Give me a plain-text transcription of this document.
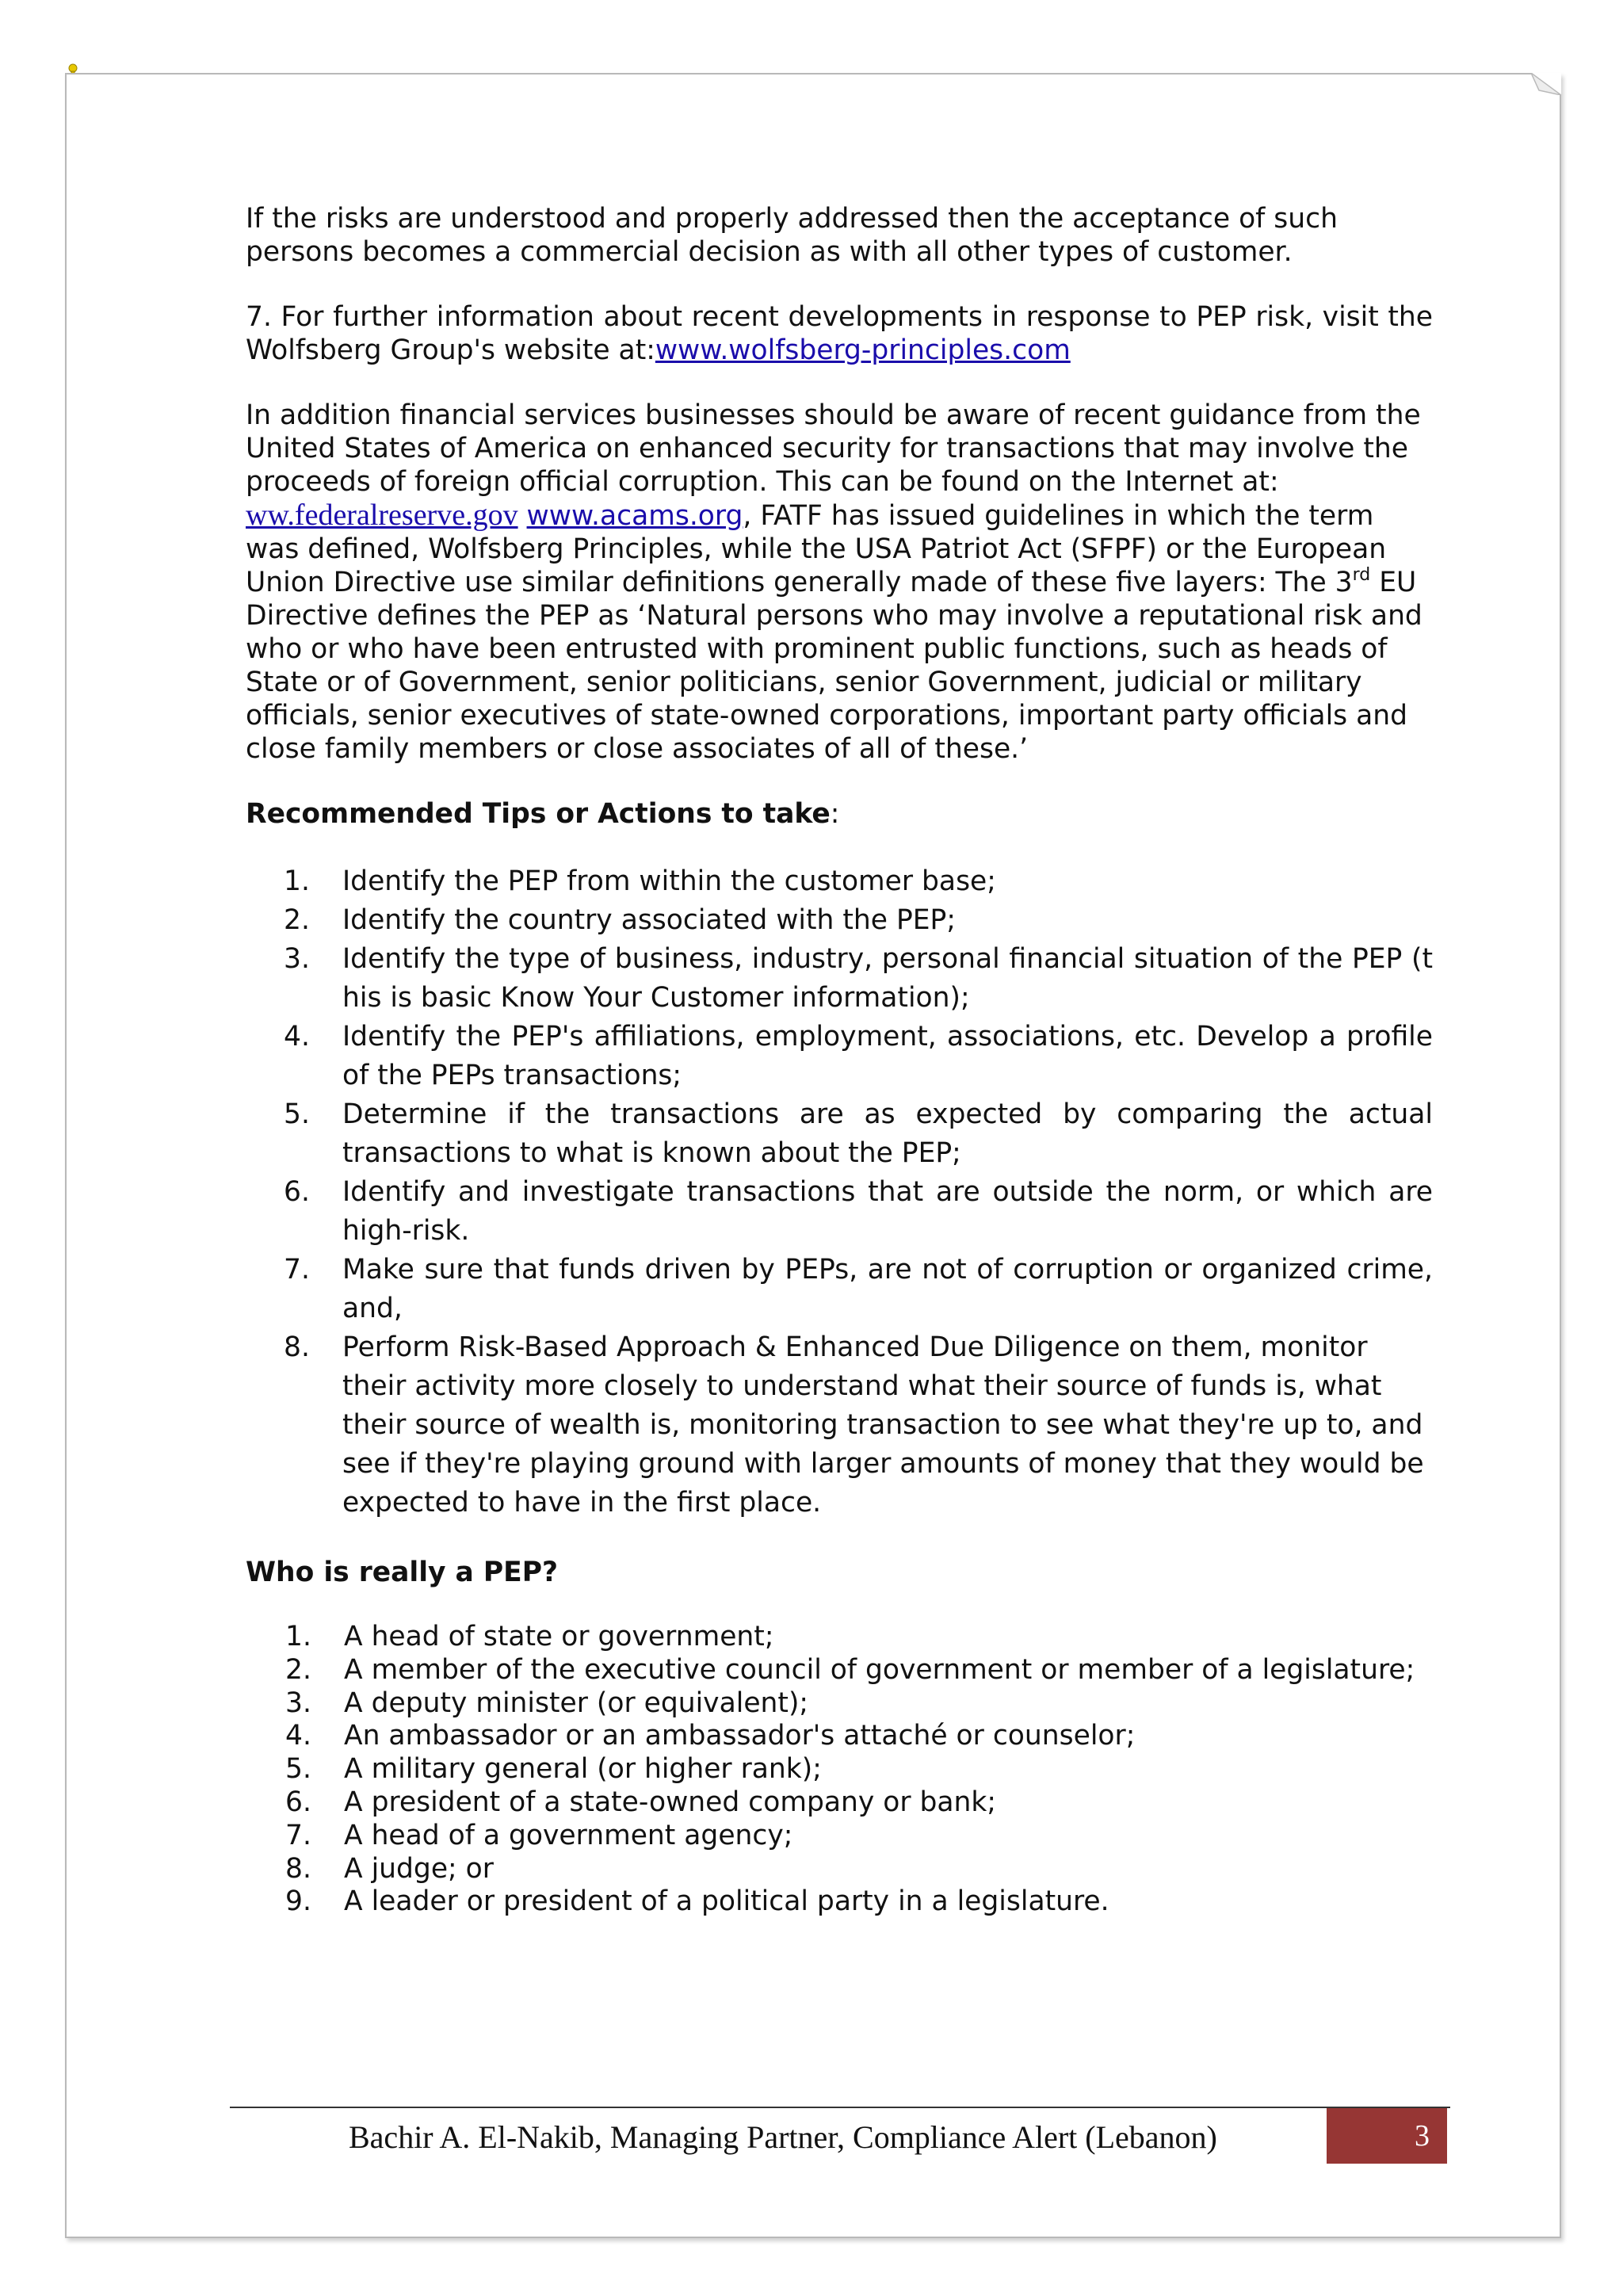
If the risks are understood and properly addressed then the acceptance of such persons becomes a commercial decision as with all other types of customer.

7. For further information about recent developments in response to PEP risk, visit the Wolfsberg Group's website at:www.wolfsberg-principles.com

In addition financial services businesses should be aware of recent guidance from the United States of America on enhanced security for transactions that may involve the proceeds of foreign official corruption. This can be found on the Internet at: ww.federalreserve.gov www.acams.org, FATF has issued guidelines in which the term was defined, Wolfsberg Principles, while the USA Patriot Act (SFPF) or the European Union Directive use similar definitions generally made of these five layers: The 3rd EU Directive defines the PEP as ‘Natural persons who may involve a reputational risk and who or who have been entrusted with prominent public functions, such as heads of State or of Government, senior politicians, senior Government, judicial or military officials, senior executives of state-owned corporations, important party officials and close family members or close associates of all of these.’

Recommended Tips or Actions to take:

1. Identify the PEP from within the customer base;
2. Identify the country associated with the PEP;
3. Identify the type of business, industry, personal financial situation of the PEP (t his is basic Know Your Customer information);
4. Identify the PEP's affiliations, employment, associations, etc. Develop a profile of the PEPs transactions;
5. Determine if the transactions are as expected by comparing the actual transactions to what is known about the PEP;
6. Identify and investigate transactions that are outside the norm, or which are high-risk.
7. Make sure that funds driven by PEPs, are not of corruption or organized crime, and,
8. Perform Risk-Based Approach & Enhanced Due Diligence on them, monitor their activity more closely to understand what their source of funds is, what their source of wealth is, monitoring transaction to see what they're up to, and see if they're playing ground with larger amounts of money that they would be expected to have in the first place.

Who is really a PEP?

1. A head of state or government;
2. A member of the executive council of government or member of a legislature;
3. A deputy minister (or equivalent);
4. An ambassador or an ambassador's attaché or counselor;
5. A military general (or higher rank);
6. A president of a state-owned company or bank;
7. A head of a government agency;
8. A judge; or
9. A leader or president of a political party in a legislature.
Bachir A. El-Nakib, Managing Partner, Compliance Alert (Lebanon)	3
